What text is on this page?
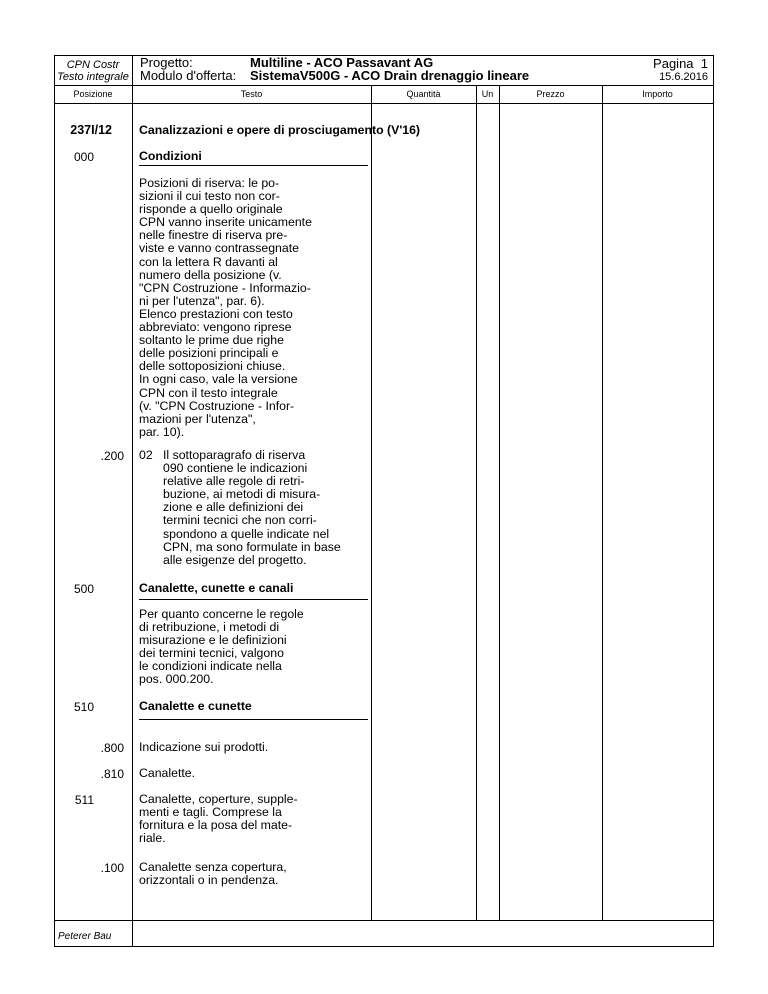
CPN Costr
Testo integrale
Progetto:	Multiline - ACO Passavant AG
Modulo d'offerta: SistemaV500G - ACO Drain drenaggio lineare
Pagina 1
15.6.2016
Posizione	Testo	Quantità	Un	Prezzo	Importo
237I/12 Canalizzazioni e opere di prosciugamento (V'16)
000	Condizioni
Posizioni di riserva: le po-
sizioni il cui testo non cor-
risponde a quello originale
CPN vanno inserite unicamente
nelle finestre di riserva pre-
viste e vanno contrassegnate
con la lettera R davanti al
numero della posizione (v.
"CPN Costruzione - Informazio-
ni per l'utenza", par. 6).
Elenco prestazioni con testo
abbreviato: vengono riprese
soltanto le prime due righe
delle posizioni principali e
delle sottoposizioni chiuse.
In ogni caso, vale la versione
CPN con il testo integrale
(v. "CPN Costruzione - Infor-
mazioni per l'utenza",
par. 10).
.200 02 Il sottoparagrafo di riserva
090 contiene le indicazioni
relative alle regole di retri-
buzione, ai metodi di misura-
zione e alle definizioni dei
termini tecnici che non corri-
spondono a quelle indicate nel
CPN, ma sono formulate in base
alle esigenze del progetto.
500	Canalette, cunette e canali
Per quanto concerne le regole
di retribuzione, i metodi di
misurazione e le definizioni
dei termini tecnici, valgono
le condizioni indicate nella
pos. 000.200.
510	Canalette e cunette
.800 Indicazione sui prodotti.
.810 Canalette.
511	Canalette, coperture, supple-
menti e tagli. Comprese la
fornitura e la posa del mate-
riale.
.100 Canalette senza copertura,
orizzontali o in pendenza.
Peterer Bau
